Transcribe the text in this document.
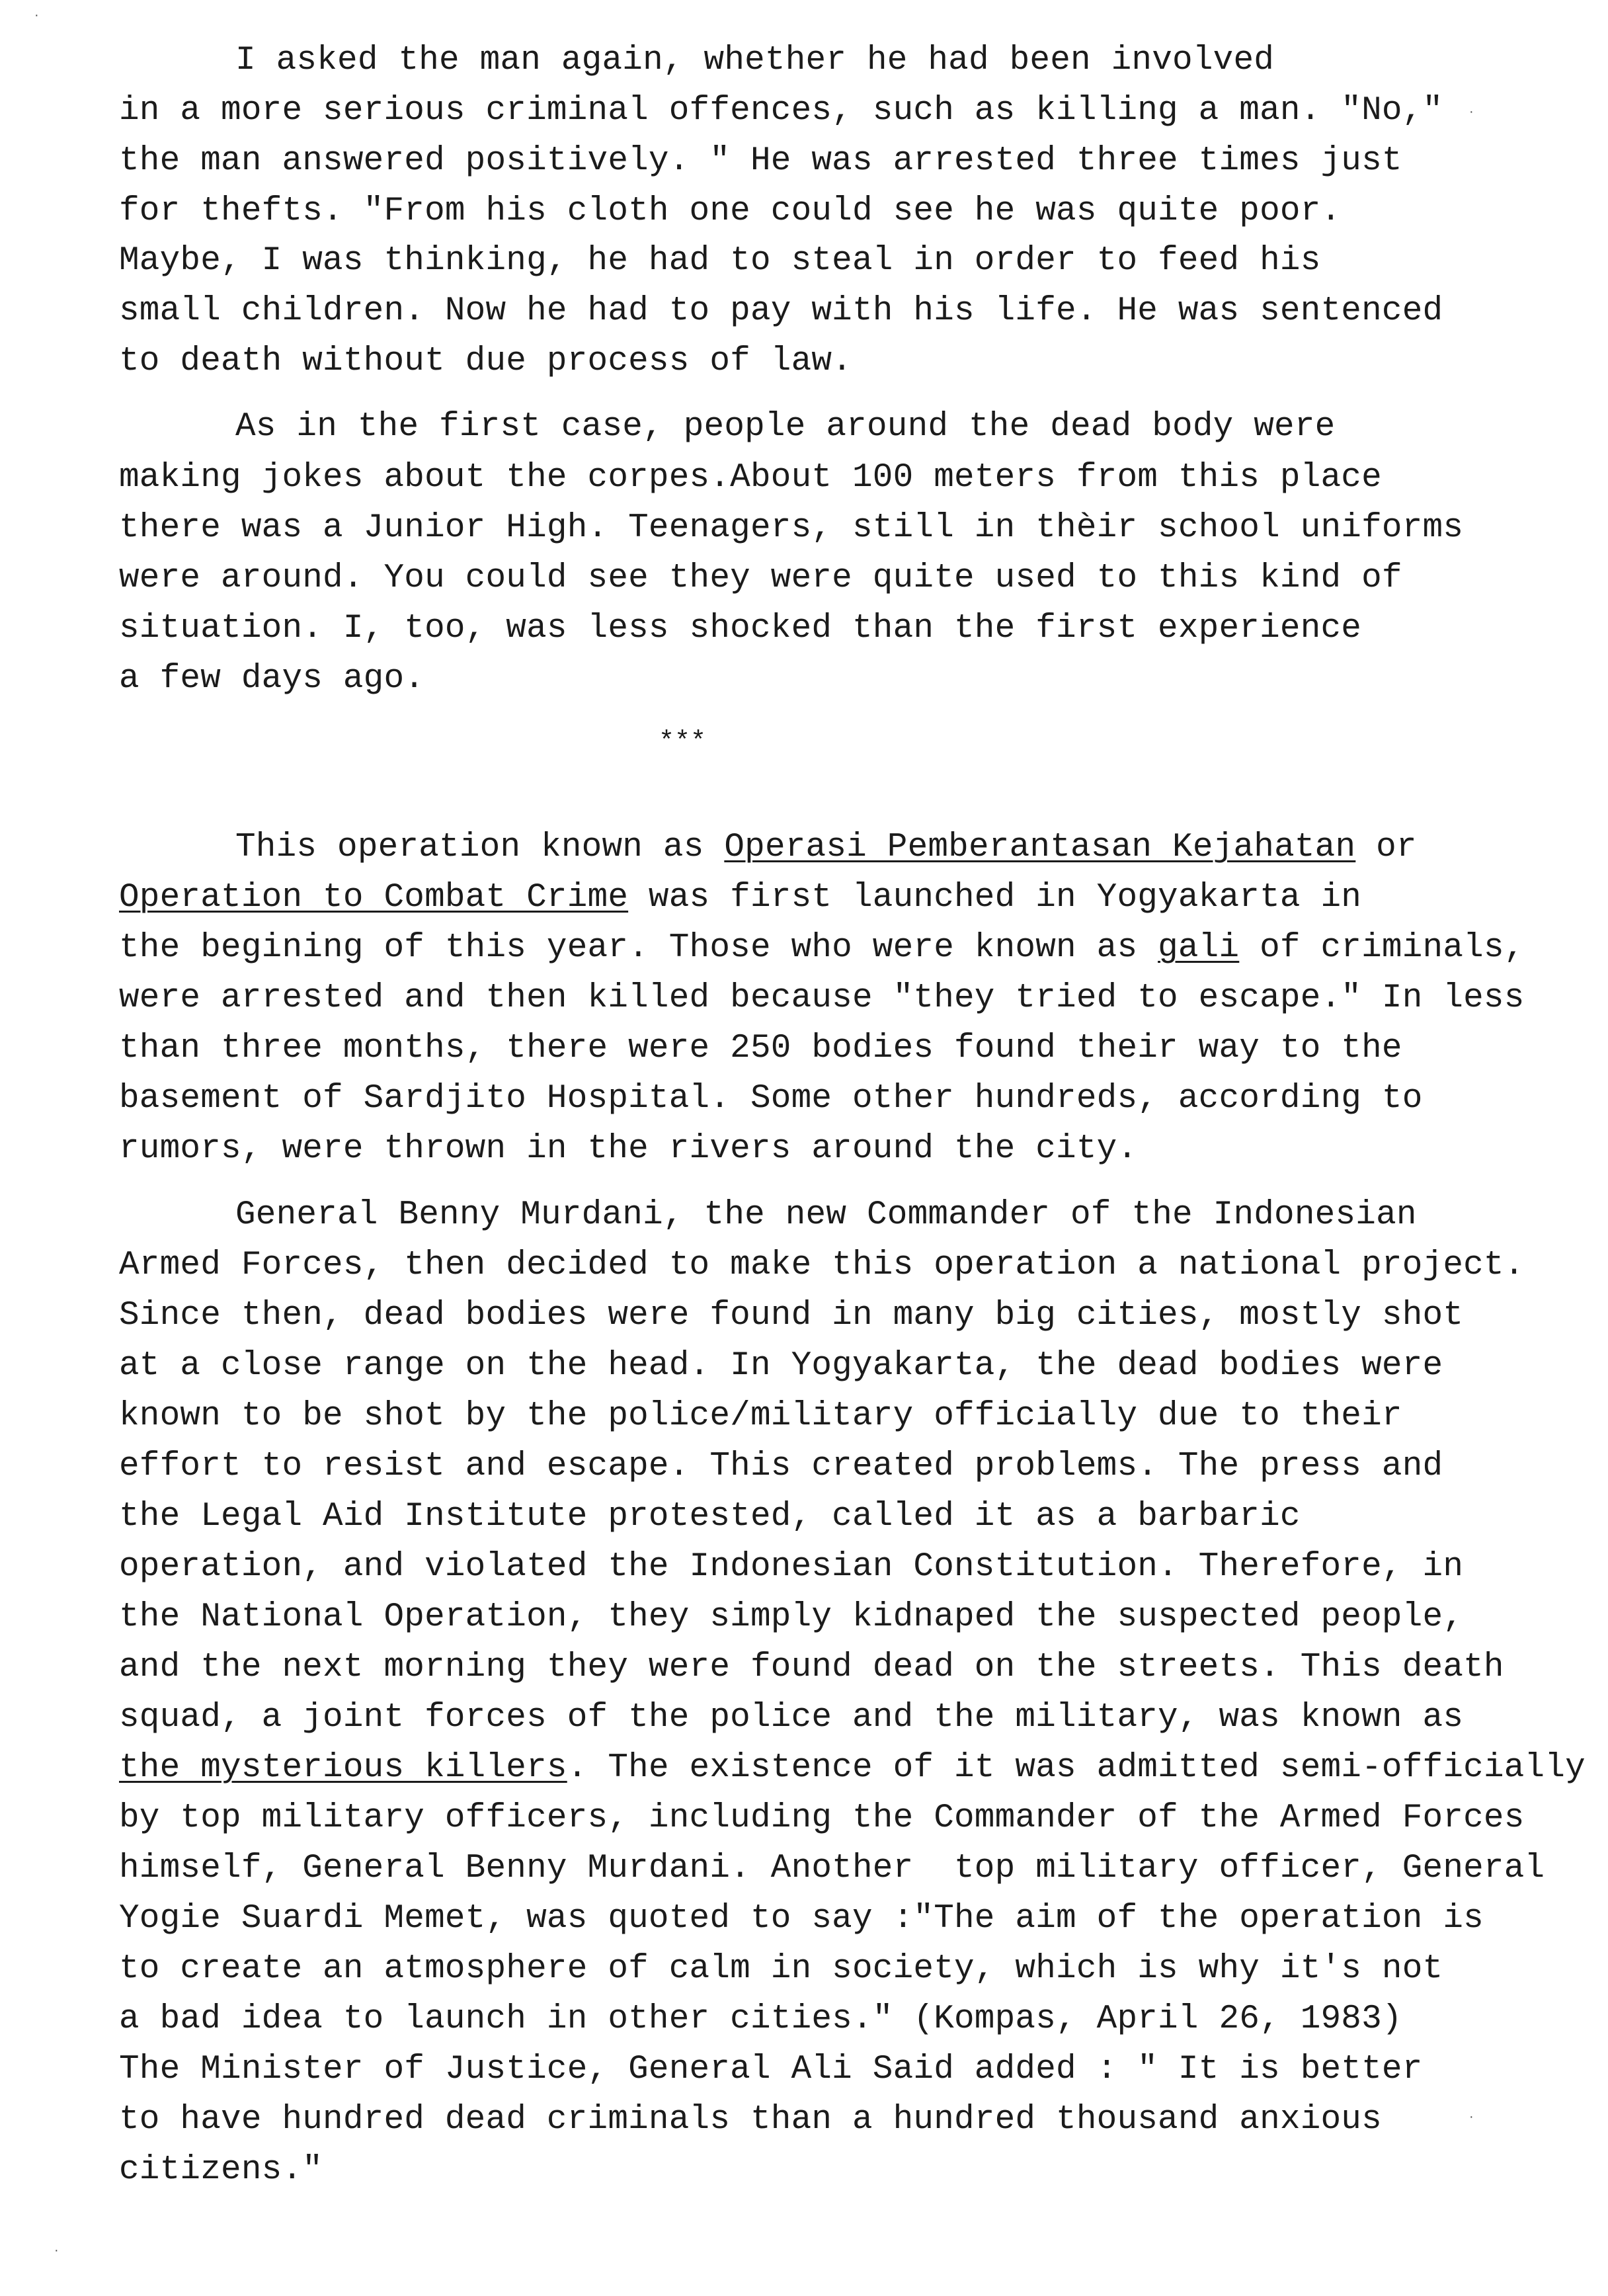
I asked the man again, whether he had been involved
in a more serious criminal offences, such as killing a man. "No,"
the man answered positively. " He was arrested three times just
for thefts. "From his cloth one could see he was quite poor.
Maybe, I was thinking, he had to steal in order to feed his
small children. Now he had to pay with his life. He was sentenced
to death without due process of law.
As in the first case, people around the dead body were
making jokes about the corpes.About 100 meters from this place
there was a Junior High. Teenagers, still in thèir school uniforms
were around. You could see they were quite used to this kind of
situation. I, too, was less shocked than the first experience
a few days ago.
***
This operation known as Operasi Pemberantasan Kejahatan or
Operation to Combat Crime was first launched in Yogyakarta in
the begining of this year. Those who were known as gali of criminals,
were arrested and then killed because "they tried to escape." In less
than three months, there were 250 bodies found their way to the
basement of Sardjito Hospital. Some other hundreds, according to
rumors, were thrown in the rivers around the city.
General Benny Murdani, the new Commander of the Indonesian
Armed Forces, then decided to make this operation a national project.
Since then, dead bodies were found in many big cities, mostly shot
at a close range on the head. In Yogyakarta, the dead bodies were
known to be shot by the police/military officially due to their
effort to resist and escape. This created problems. The press and
the Legal Aid Institute protested, called it as a barbaric
operation, and violated the Indonesian Constitution. Therefore, in
the National Operation, they simply kidnaped the suspected people,
and the next morning they were found dead on the streets. This death
squad, a joint forces of the police and the military, was known as
the mysterious killers. The existence of it was admitted semi-officially
by top military officers, including the Commander of the Armed Forces
himself, General Benny Murdani. Another  top military officer, General
Yogie Suardi Memet, was quoted to say :"The aim of the operation is
to create an atmosphere of calm in society, which is why it's not
a bad idea to launch in other cities." (Kompas, April 26, 1983)
The Minister of Justice, General Ali Said added : " It is better
to have hundred dead criminals than a hundred thousand anxious
citizens."
·
·
·
·
